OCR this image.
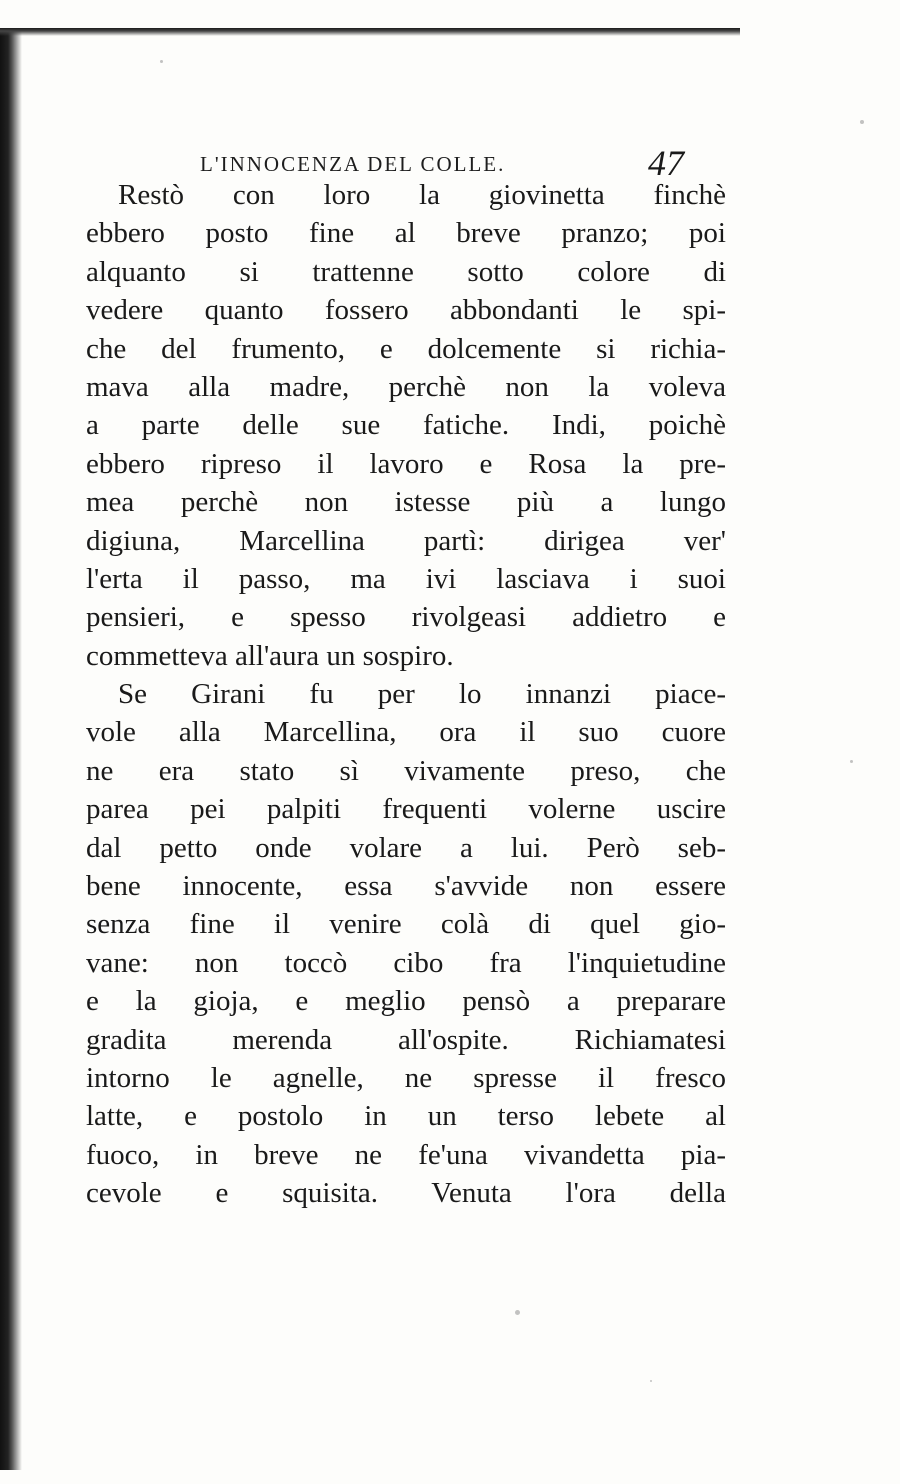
L'INNOCENZA DEL COLLE.	47
Restò con loro la giovinetta finchè
ebbero posto fine al breve pranzo; poi
alquanto si trattenne sotto colore di
vedere quanto fossero abbondanti le spi-
che del frumento, e dolcemente si richia-
mava alla madre, perchè non la voleva
a parte delle sue fatiche. Indi, poichè
ebbero ripreso il lavoro e Rosa la pre-
mea perchè non istesse più a lungo
digiuna, Marcellina partì: dirigea ver'
l'erta il passo, ma ivi lasciava i suoi
pensieri, e spesso rivolgeasi addietro e
commetteva all'aura un sospiro.
Se Girani fu per lo innanzi piace-
vole alla Marcellina, ora il suo cuore
ne era stato sì vivamente preso, che
parea pei palpiti frequenti volerne uscire
dal petto onde volare a lui. Però seb-
bene innocente, essa s'avvide non essere
senza fine il venire colà di quel gio-
vane: non toccò cibo fra l'inquietudine
e la gioja, e meglio pensò a preparare
gradita merenda all'ospite. Richiamatesi
intorno le agnelle, ne spresse il fresco
latte, e postolo in un terso lebete al
fuoco, in breve ne fe'una vivandetta pia-
cevole e squisita. Venuta l'ora della
